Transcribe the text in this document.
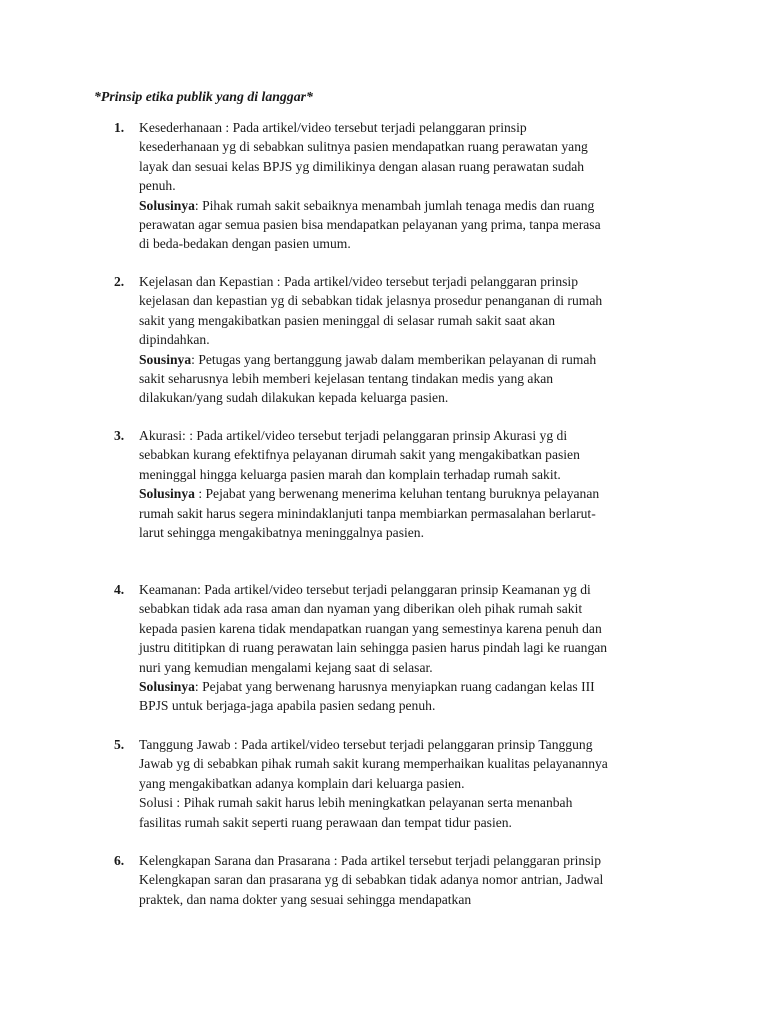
*Prinsip etika publik yang di langgar*
1. Kesederhanaan : Pada artikel/video tersebut terjadi pelanggaran prinsip

kesederhanaan yg di sebabkan sulitnya pasien mendapatkan ruang perawatan yang

layak dan sesuai kelas BPJS yg dimilikinya dengan alasan ruang perawatan sudah

penuh.

Solusinya: Pihak rumah sakit sebaiknya menambah jumlah tenaga medis dan ruang

perawatan agar semua pasien bisa mendapatkan pelayanan yang prima, tanpa merasa

di beda-bedakan dengan pasien umum.

2. Kejelasan dan Kepastian : Pada artikel/video tersebut terjadi pelanggaran prinsip

kejelasan dan kepastian yg di sebabkan tidak jelasnya prosedur penanganan di rumah

sakit yang mengakibatkan pasien meninggal di selasar rumah sakit saat akan

dipindahkan.

Sousinya: Petugas yang bertanggung jawab dalam memberikan pelayanan di rumah

sakit seharusnya lebih memberi kejelasan tentang tindakan medis yang akan

dilakukan/yang sudah dilakukan kepada keluarga pasien.

3. Akurasi: : Pada artikel/video tersebut terjadi pelanggaran prinsip Akurasi yg di

sebabkan kurang efektifnya pelayanan dirumah sakit yang mengakibatkan pasien

meninggal hingga keluarga pasien marah dan komplain terhadap rumah sakit.

Solusinya : Pejabat yang berwenang menerima keluhan tentang buruknya pelayanan

rumah sakit harus segera minindaklanjuti tanpa membiarkan permasalahan berlarut-

larut sehingga mengakibatnya meninggalnya pasien.

4. Keamanan: Pada artikel/video tersebut terjadi pelanggaran prinsip Keamanan yg di

sebabkan tidak ada rasa aman dan nyaman yang diberikan oleh pihak rumah sakit

kepada pasien karena tidak mendapatkan ruangan yang semestinya karena penuh dan

justru dititipkan di ruang perawatan lain sehingga pasien harus pindah lagi ke ruangan

nuri yang kemudian mengalami kejang saat di selasar.

Solusinya: Pejabat yang berwenang harusnya menyiapkan ruang cadangan kelas III

BPJS untuk berjaga-jaga apabila pasien sedang penuh.

5. Tanggung Jawab : Pada artikel/video tersebut terjadi pelanggaran prinsip Tanggung

Jawab yg di sebabkan pihak rumah sakit kurang memperhaikan kualitas pelayanannya

yang mengakibatkan adanya komplain dari keluarga pasien.

Solusi : Pihak rumah sakit harus lebih meningkatkan pelayanan serta menanbah

fasilitas rumah sakit seperti ruang perawaan dan tempat tidur pasien.

6. Kelengkapan Sarana dan Prasarana : Pada artikel tersebut terjadi pelanggaran prinsip

Kelengkapan saran dan prasarana yg di sebabkan tidak adanya nomor antrian, Jadwal

praktek, dan nama dokter yang sesuai sehingga mendapatkan
